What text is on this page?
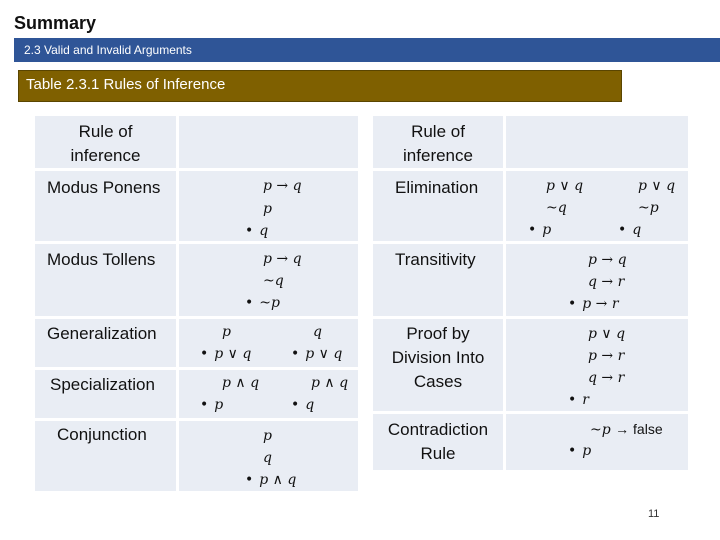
Summary
2.3 Valid and Invalid Arguments
Table 2.3.1 Rules of Inference
Rule of
inference
Modus Ponens	p → q
p
• q
Modus Tollens	p → q
~q
• ~p
Generalization	p
• p ∨ q
q
• p ∨ q
Specialization	p ∧ q
• p
p ∧ q
• q
Conjunction	p
q
• p ∧ q
Rule of
inference
Elimination	p ∨ q
~q
• p
p ∨ q
~p
• q
Transitivity	p → q
q → r
• p → r
Proof by
Division Into
Cases
p ∨ q
p → r
q → r
• r
Contradiction
Rule
~p → false
• p
11
